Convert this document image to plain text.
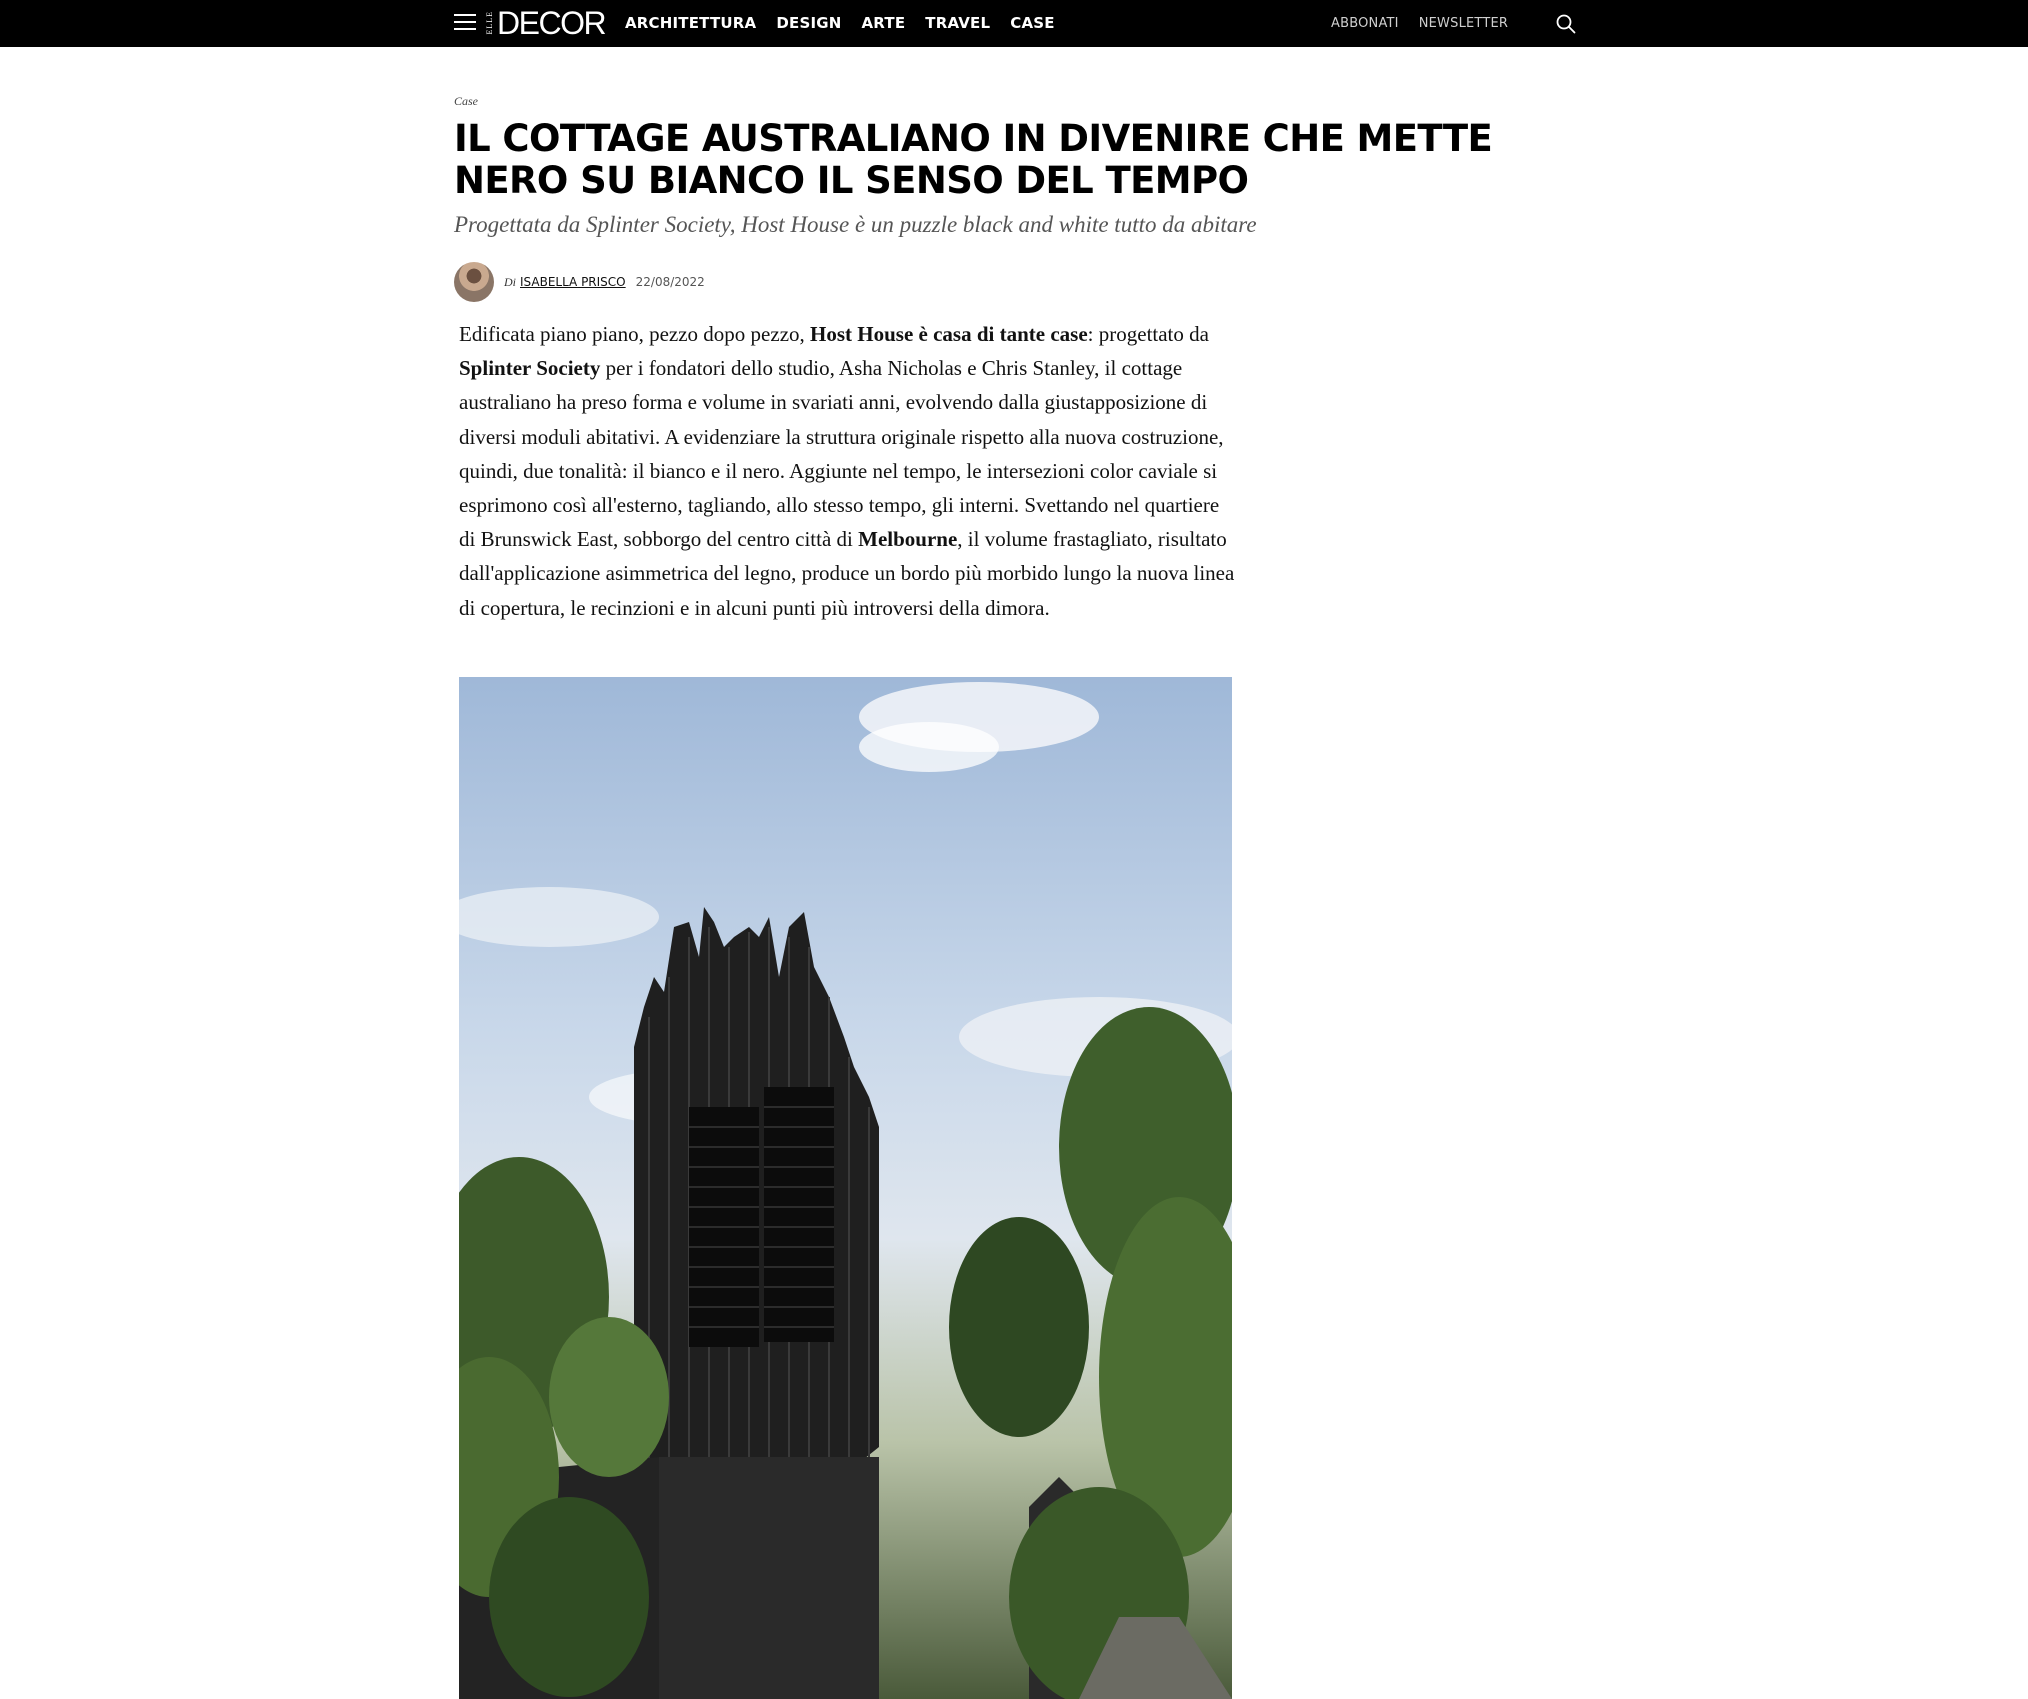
ELLE DECOR ARCHITETTURA DESIGN ARTE TRAVEL CASE	ABBONATI NEWSLETTER
Case
IL COTTAGE AUSTRALIANO IN DIVENIRE CHE METTE NERO SU BIANCO IL SENSO DEL TEMPO
Progettata da Splinter Society, Host House è un puzzle black and white tutto da abitare
Di ISABELLA PRISCO 22/08/2022

Edificata piano piano, pezzo dopo pezzo, Host House è casa di tante case: progettato da Splinter Society per i fondatori dello studio, Asha Nicholas e Chris Stanley, il cottage australiano ha preso forma e volume in svariati anni, evolvendo dalla giustapposizione di diversi moduli abitativi. A evidenziare la struttura originale rispetto alla nuova costruzione, quindi, due tonalità: il bianco e il nero. Aggiunte nel tempo, le intersezioni color caviale si esprimono così all'esterno, tagliando, allo stesso tempo, gli interni. Svettando nel quartiere di Brunswick East, sobborgo del centro città di Melbourne, il volume frastagliato, risultato dall'applicazione asimmetrica del legno, produce un bordo più morbido lungo la nuova linea di copertura, le recinzioni e in alcuni punti più introversi della dimora.
